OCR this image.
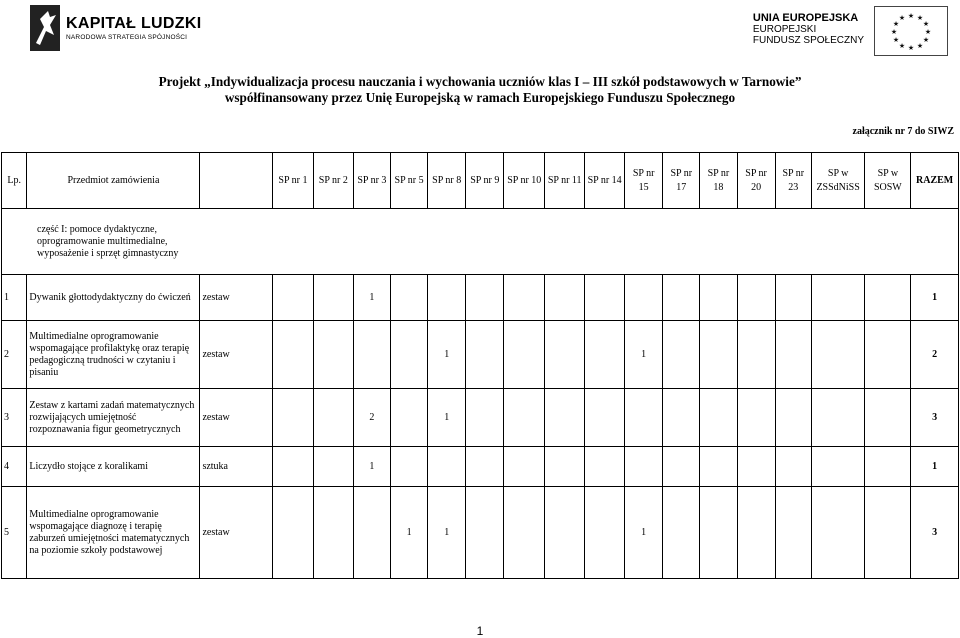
KAPITAŁ LUDZKI
NARODOWA STRATEGIA SPÓJNOŚCI
UNIA EUROPEJSKA
EUROPEJSKI
FUNDUSZ SPOŁECZNY
★ ★
★
★
★
★
★
★
★
★
★
★
Projekt „Indywidualizacja procesu nauczania i wychowania uczniów klas I – III szkół podstawowych w Tarnowie”
współfinansowany przez Unię Europejską w ramach Europejskiego Funduszu Społecznego
załącznik nr 7 do SIWZ
Lp.	Przedmiot zamówienia		SP nr 1	SP nr 2	SP nr 3	SP nr 5	SP nr 8	SP nr 9	SP nr 10	SP nr 11	SP nr 14	SP nr 15	SP nr 17	SP nr 18	SP nr 20	SP nr 23	SP w ZSSdNiSS	SP w SOSW	RAZEM

część I: pomoce dydaktyczne, oprogramowanie multimedialne, wyposażenie i sprzęt gimnastyczny																			

1	Dywanik głottodydaktyczny do ćwiczeń	zestaw			1														1
2	Multimedialne oprogramowanie wspomagające profilaktykę oraz terapię pedagogiczną trudności w czytaniu i pisaniu	zestaw					1					1							2
3	Zestaw z kartami zadań matematycznych rozwijających umiejętność rozpoznawania figur geometrycznych	zestaw			2		1												3
4	Liczydło stojące z koralikami	sztuka			1														1
5	Multimedialne oprogramowanie wspomagające diagnozę i terapię zaburzeń umiejętności matematycznych na poziomie szkoły podstawowej	zestaw				1	1					1							3
1
